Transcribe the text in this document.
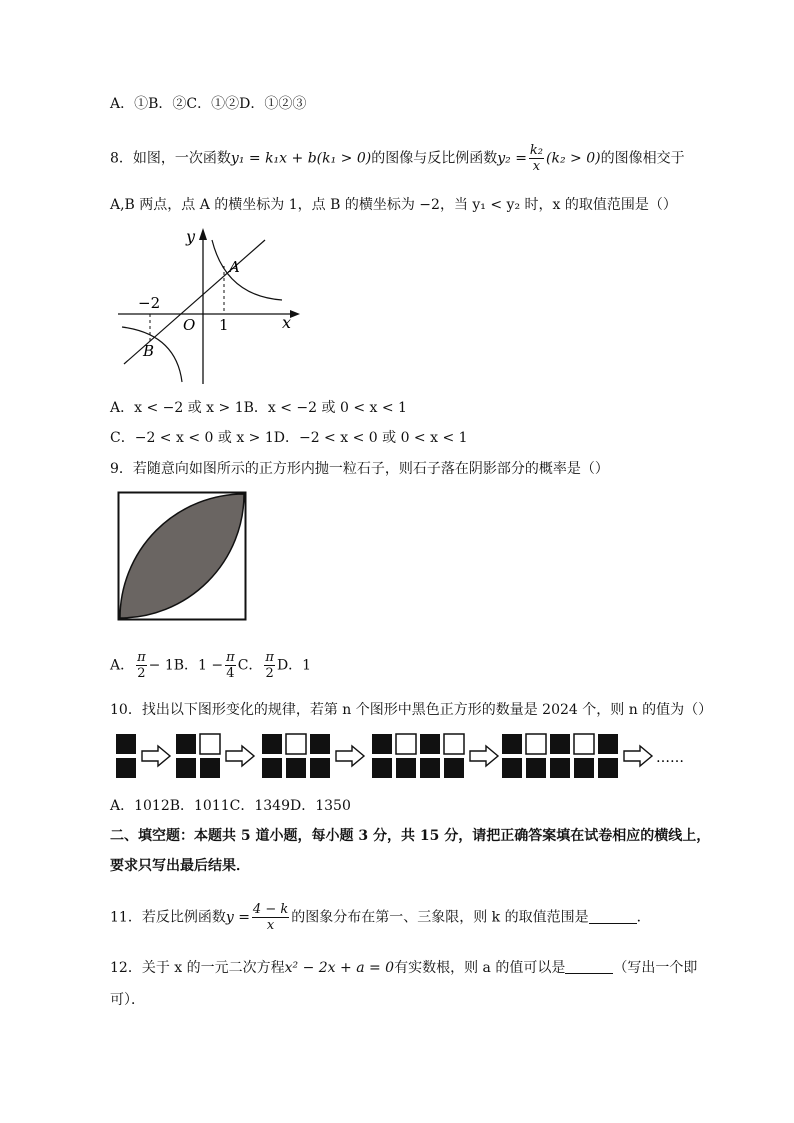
A．①B．②C．①②D．①②③
8．如图，一次函数y₁ = k₁x + b(k₁ > 0)的图像与反比例函数$y_2 = \frac{\text{k₂}}{x} (k_2 > 0)$的图像相交于
A,B 两点，点 A 的横坐标为 1，点 B 的横坐标为 −2，当 y₁ < y₂ 时，x 的取值范围是（）
y
x
O
A
B
−2
1
A．x < −2 或 x > 1B．x < −2 或 0 < x < 1
C．−2 < x < 0 或 x > 1D．−2 < x < 0 或 0 < x < 1
9．若随意向如图所示的正方形内抛一粒石子，则石子落在阴影部分的概率是（）
A． $\frac{\pi}{2} - 1B$．$1 - \frac{\pi}{4}$ C． $\frac{\pi}{2}$ D．1
10．找出以下图形变化的规律，若第 n 个图形中黑色正方形的数量是 2024 个，则 n 的值为（）
……
A．1012B．1011C．1349D．1350
二、填空题：本题共 5 道小题，每小题 3 分，共 15 分，请把正确答案填在试卷相应的横线上，
要求只写出最后结果．
11．若反比例函数$y = \frac{4 - k}{x}$ 的图象分布在第一、三象限，则 k 的取值范围是	．
12．关于 x 的一元二次方程x² − 2x + a = 0有实数根，则 a 的值可以是	（写出一个即
可）．
